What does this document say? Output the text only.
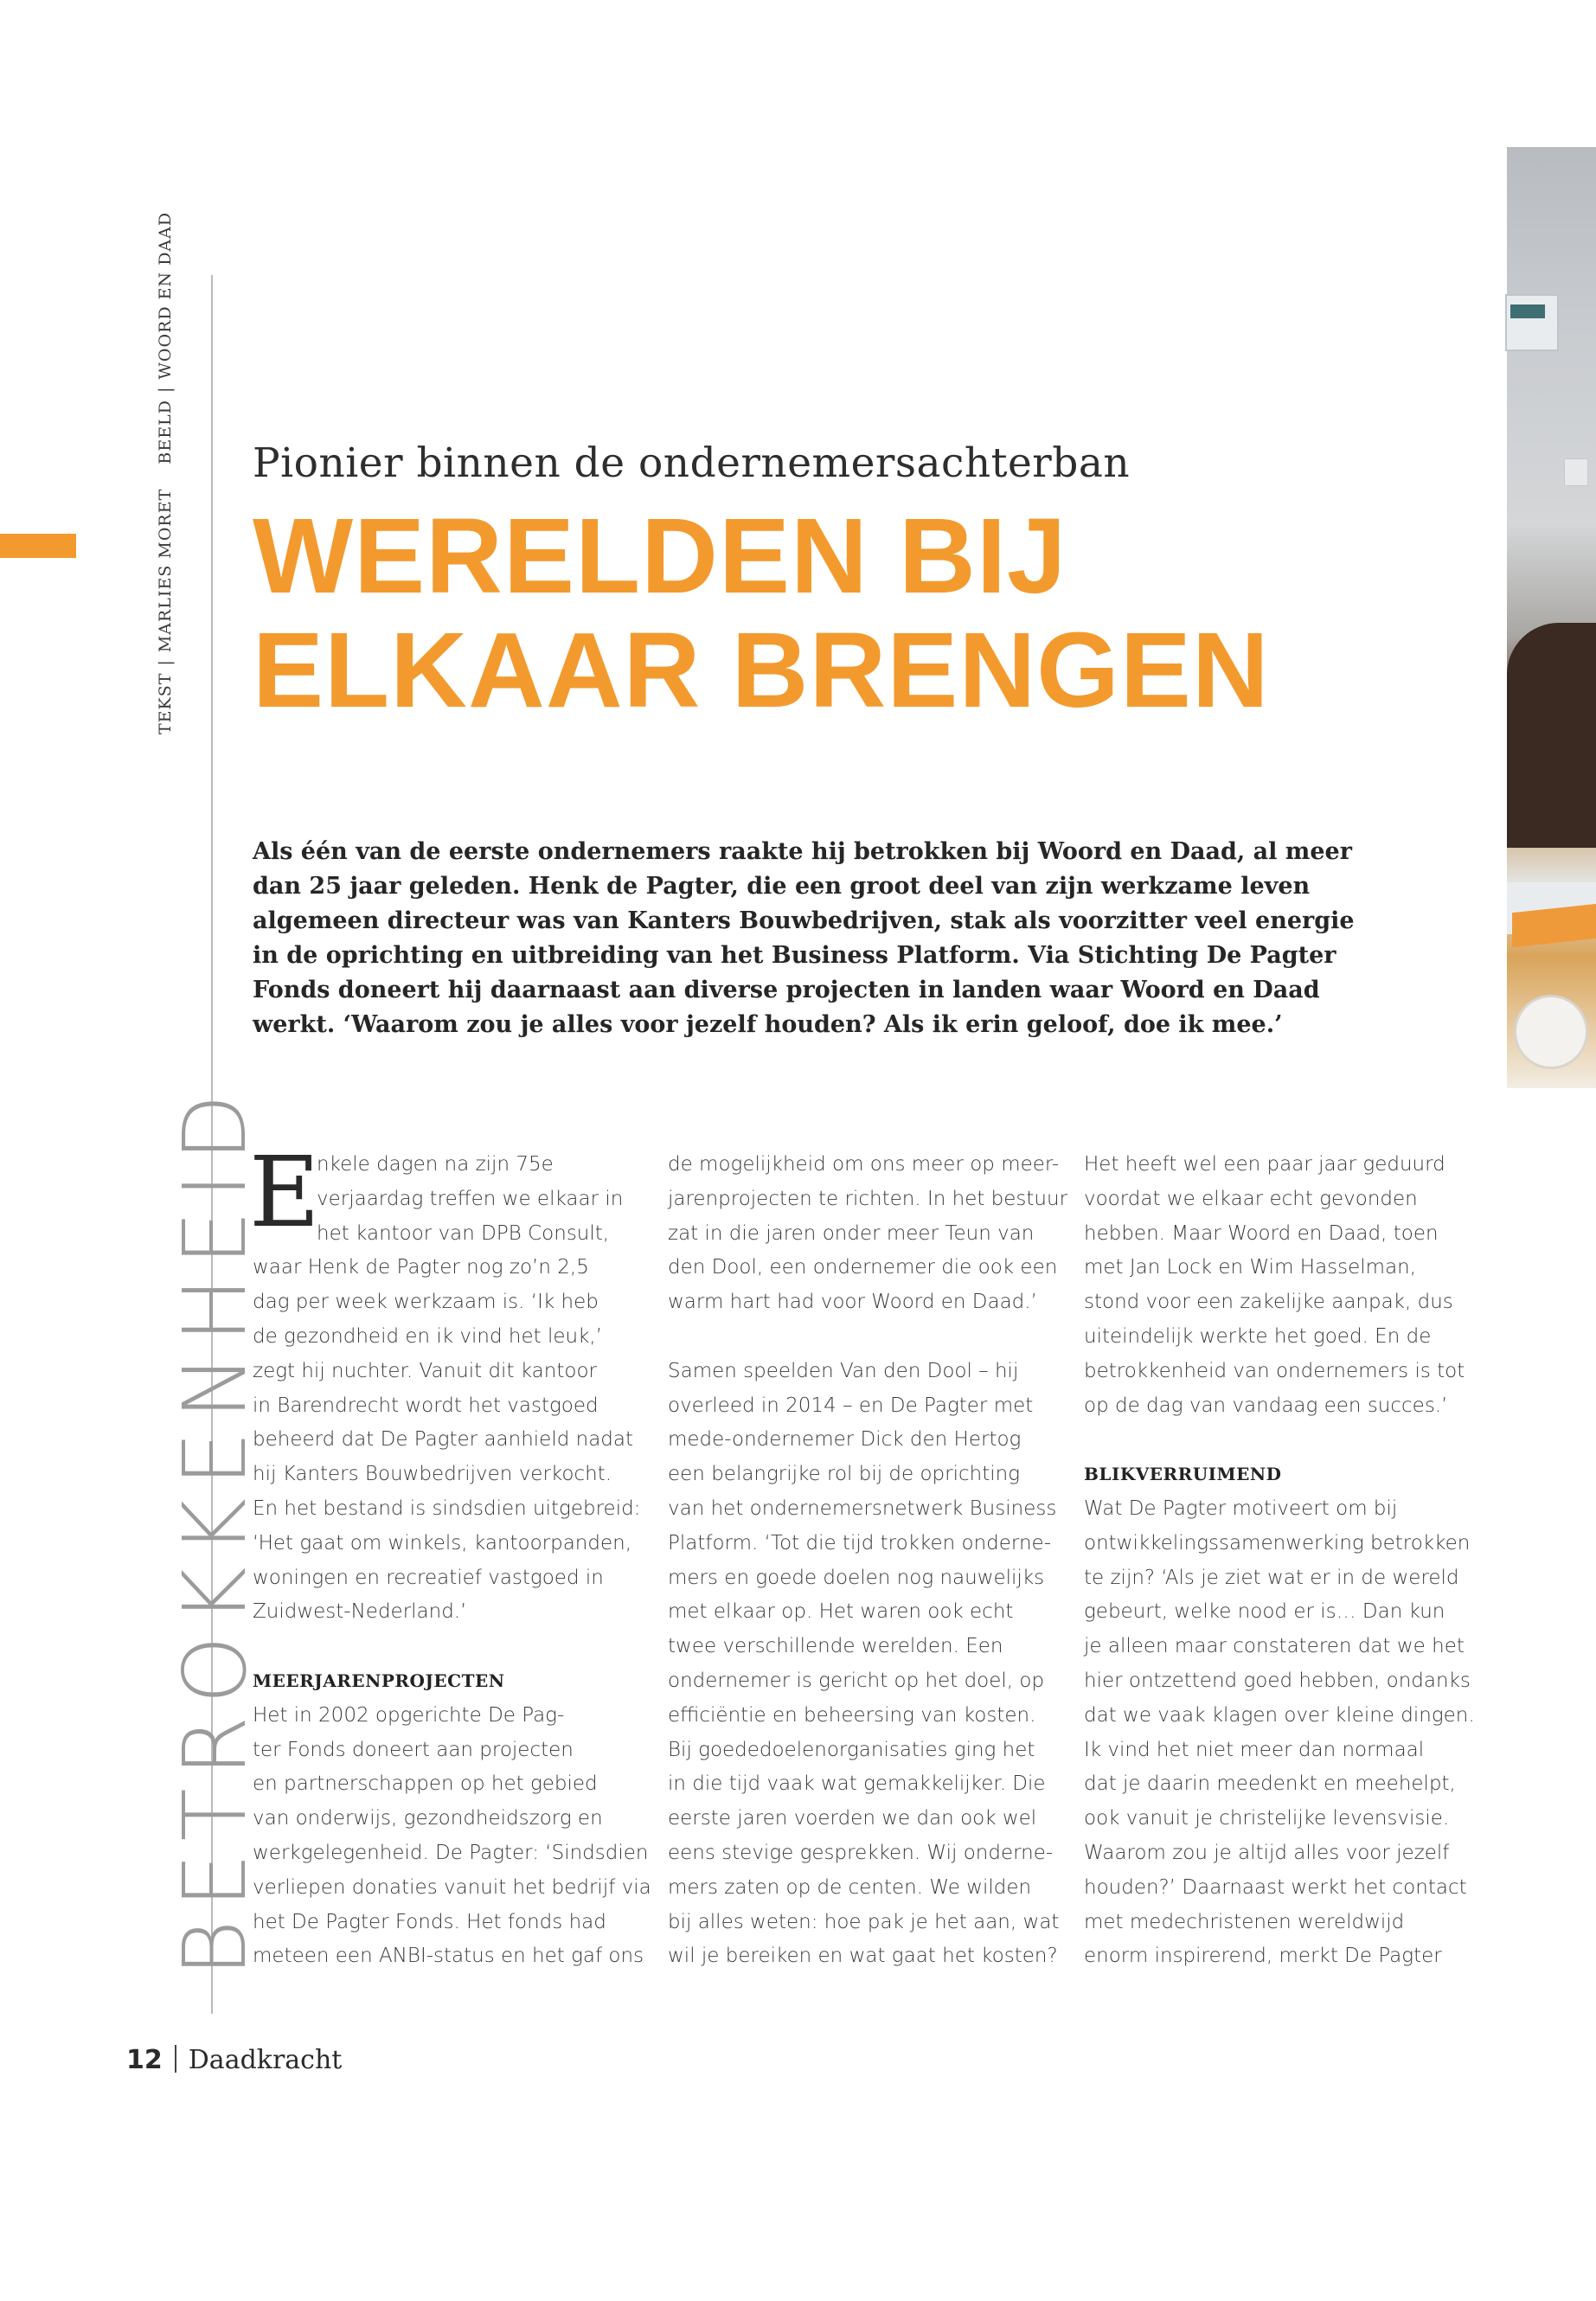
TEKST|MARLIES MORET    BEELD|WOORD EN DAAD
BETROKKENHEID
Pionier binnen de ondernemersachterban
WERELDEN BIJ
ELKAAR BRENGEN
Als één van de eerste ondernemers raakte hij betrokken bij Woord en Daad, al meer
dan 25 jaar geleden. Henk de Pagter, die een groot deel van zijn werkzame leven
algemeen directeur was van Kanters Bouwbedrijven, stak als voorzitter veel energie
in de oprichting en uitbreiding van het Business Platform. Via Stichting De Pagter
Fonds doneert hij daarnaast aan diverse projecten in landen waar Woord en Daad
werkt. ‘Waarom zou je alles voor jezelf houden? Als ik erin geloof, doe ik mee.’
E
nkele dagen na zijn 75e
verjaardag treffen we elkaar in
het kantoor van DPB Consult,
waar Henk de Pagter nog zo’n 2,5
dag per week werkzaam is. ‘Ik heb
de gezondheid en ik vind het leuk,’
zegt hij nuchter. Vanuit dit kantoor
in Barendrecht wordt het vastgoed
beheerd dat De Pagter aanhield nadat
hij Kanters Bouwbedrijven verkocht.
En het bestand is sindsdien uitgebreid:
‘Het gaat om winkels, kantoorpanden,
woningen en recreatief vastgoed in
Zuidwest-Nederland.’
MEERJARENPROJECTEN
Het in 2002 opgerichte De Pag-
ter Fonds doneert aan projecten
en partnerschappen op het gebied
van onderwijs, gezondheidszorg en
werkgelegenheid. De Pagter: ‘Sindsdien
verliepen donaties vanuit het bedrijf via
het De Pagter Fonds. Het fonds had
meteen een ANBI-status en het gaf ons
de mogelijkheid om ons meer op meer-
jarenprojecten te richten. In het bestuur
zat in die jaren onder meer Teun van
den Dool, een ondernemer die ook een
warm hart had voor Woord en Daad.’
Samen speelden Van den Dool – hij
overleed in 2014 – en De Pagter met
mede-ondernemer Dick den Hertog
een belangrijke rol bij de oprichting
van het ondernemersnetwerk Business
Platform. ‘Tot die tijd trokken onderne-
mers en goede doelen nog nauwelijks
met elkaar op. Het waren ook echt
twee verschillende werelden. Een
ondernemer is gericht op het doel, op
efficiëntie en beheersing van kosten.
Bij goededoelenorganisaties ging het
in die tijd vaak wat gemakkelijker. Die
eerste jaren voerden we dan ook wel
eens stevige gesprekken. Wij onderne-
mers zaten op de centen. We wilden
bij alles weten: hoe pak je het aan, wat
wil je bereiken en wat gaat het kosten?
Het heeft wel een paar jaar geduurd
voordat we elkaar echt gevonden
hebben. Maar Woord en Daad, toen
met Jan Lock en Wim Hasselman,
stond voor een zakelijke aanpak, dus
uiteindelijk werkte het goed. En de
betrokkenheid van ondernemers is tot
op de dag van vandaag een succes.’
BLIKVERRUIMEND
Wat De Pagter motiveert om bij
ontwikkelingssamenwerking betrokken
te zijn? ‘Als je ziet wat er in de wereld
gebeurt, welke nood er is… Dan kun
je alleen maar constateren dat we het
hier ontzettend goed hebben, ondanks
dat we vaak klagen over kleine dingen.
Ik vind het niet meer dan normaal
dat je daarin meedenkt en meehelpt,
ook vanuit je christelijke levensvisie.
Waarom zou je altijd alles voor jezelf
houden?’ Daarnaast werkt het contact
met medechristenen wereldwijd
enorm inspirerend, merkt De Pagter
12 Daadkracht
